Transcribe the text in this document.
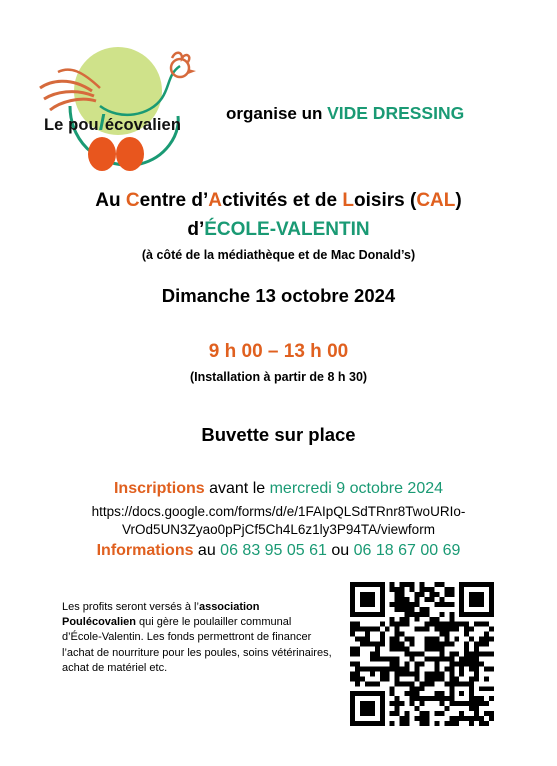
Le poulécovalien
organise un VIDE DRESSING
Au Centre d’Activités et de Loisirs (CAL)
d’ÉCOLE-VALENTIN
(à côté de la médiathèque et de Mac Donald’s)
Dimanche 13 octobre 2024
9 h 00 – 13 h 00
(Installation à partir de 8 h 30)
Buvette sur place
Inscriptions avant le mercredi 9 octobre 2024
https://docs.google.com/forms/d/e/1FAIpQLSdTRnr8TwoURIo-
VrOd5UN3Zyao0pPjCf5Ch4L6z1ly3P94TA/viewform
Informations au 06 83 95 05 61 ou 06 18 67 00 69
Les profits seront versés à l’association Poulécovalien qui gère le poulailler communal d’École-Valentin. Les fonds permettront de financer l’achat de nourriture pour les poules, soins vétérinaires, achat de matériel etc.
